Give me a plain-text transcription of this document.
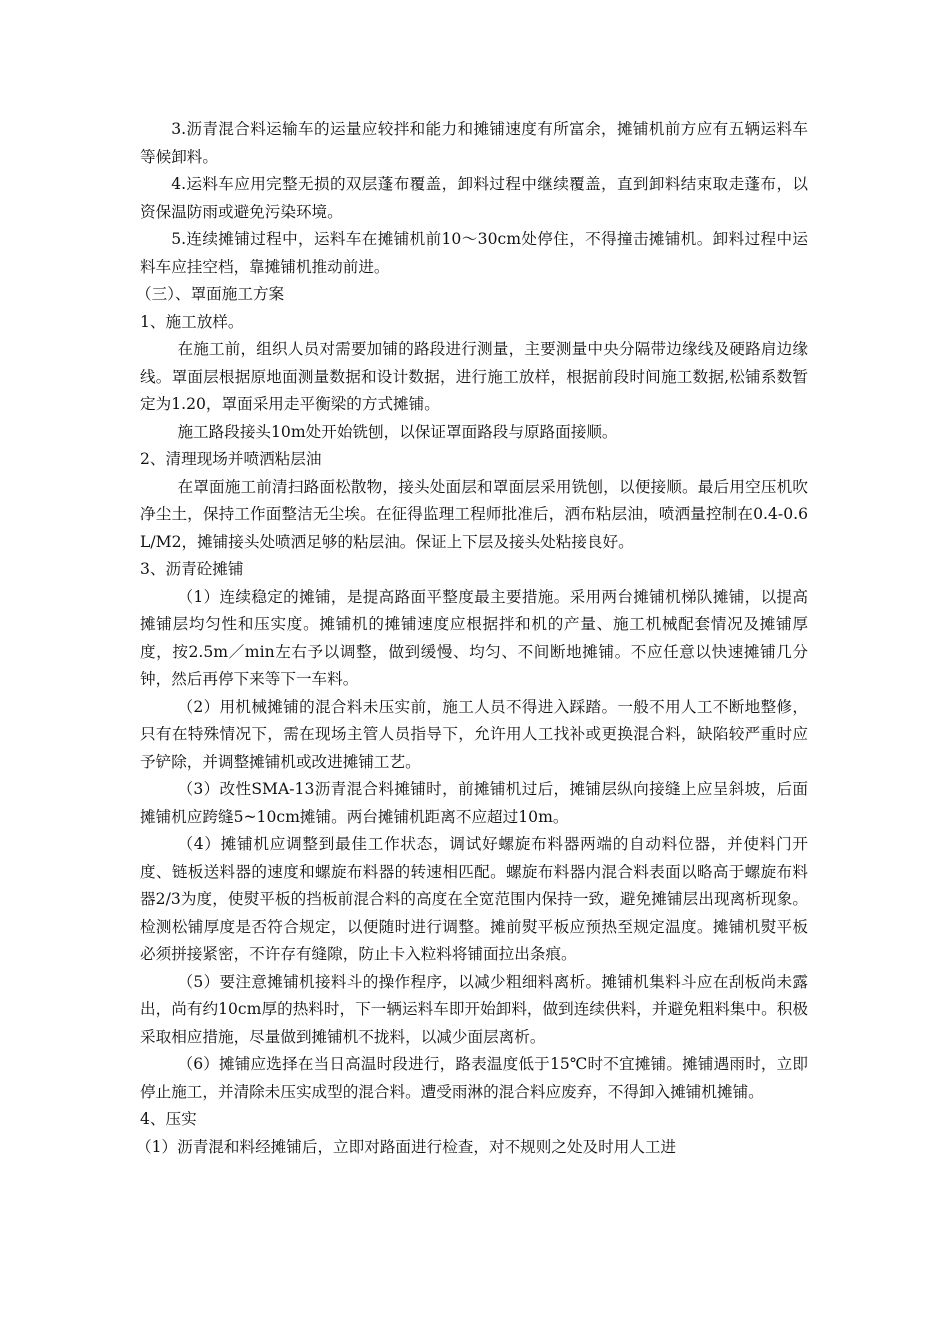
3.沥青混合料运输车的运量应较拌和能力和摊铺速度有所富余，摊铺机前方应有五辆运料车等候卸料。

4.运料车应用完整无损的双层蓬布覆盖，卸料过程中继续覆盖，直到卸料结束取走蓬布，以资保温防雨或避免污染环境。

5.连续摊铺过程中，运料车在摊铺机前10～30cm处停住，不得撞击摊铺机。卸料过程中运料车应挂空档，靠摊铺机推动前进。

（三）、罩面施工方案

1、施工放样。

在施工前，组织人员对需要加铺的路段进行测量，主要测量中央分隔带边缘线及硬路肩边缘线。罩面层根据原地面测量数据和设计数据，进行施工放样，根据前段时间施工数据,松铺系数暂定为1.20，罩面采用走平衡梁的方式摊铺。

施工路段接头10m处开始铣刨，以保证罩面路段与原路面接顺。

2、清理现场并喷洒粘层油

在罩面施工前清扫路面松散物，接头处面层和罩面层采用铣刨，以便接顺。最后用空压机吹净尘土，保持工作面整洁无尘埃。在征得监理工程师批准后，洒布粘层油，喷洒量控制在0.4-0.6L/M2，摊铺接头处喷洒足够的粘层油。保证上下层及接头处粘接良好。

3、沥青砼摊铺

（1）连续稳定的摊铺，是提高路面平整度最主要措施。采用两台摊铺机梯队摊铺，以提高摊铺层均匀性和压实度。摊铺机的摊铺速度应根据拌和机的产量、施工机械配套情况及摊铺厚度，按2.5m／min左右予以调整，做到缓慢、均匀、不间断地摊铺。不应任意以快速摊铺几分钟，然后再停下来等下一车料。

（2）用机械摊铺的混合料未压实前，施工人员不得进入踩踏。一般不用人工不断地整修，只有在特殊情况下，需在现场主管人员指导下，允许用人工找补或更换混合料，缺陷较严重时应予铲除，并调整摊铺机或改进摊铺工艺。

（3）改性SMA-13沥青混合料摊铺时，前摊铺机过后，摊铺层纵向接缝上应呈斜坡，后面摊铺机应跨缝5~10cm摊铺。两台摊铺机距离不应超过10m。

（4）摊铺机应调整到最佳工作状态，调试好螺旋布料器两端的自动料位器，并使料门开度、链板送料器的速度和螺旋布料器的转速相匹配。螺旋布料器内混合料表面以略高于螺旋布料器2/3为度，使熨平板的挡板前混合料的高度在全宽范围内保持一致，避免摊铺层出现离析现象。检测松铺厚度是否符合规定，以便随时进行调整。摊前熨平板应预热至规定温度。摊铺机熨平板必须拼接紧密，不许存有缝隙，防止卡入粒料将铺面拉出条痕。

（5）要注意摊铺机接料斗的操作程序，以减少粗细料离析。摊铺机集料斗应在刮板尚未露出，尚有约10cm厚的热料时，下一辆运料车即开始卸料，做到连续供料，并避免粗料集中。积极采取相应措施，尽量做到摊铺机不拢料，以减少面层离析。

（6）摊铺应选择在当日高温时段进行，路表温度低于15℃时不宜摊铺。摊铺遇雨时，立即停止施工，并清除未压实成型的混合料。遭受雨淋的混合料应废弃，不得卸入摊铺机摊铺。

4、压实

（1）沥青混和料经摊铺后，立即对路面进行检查，对不规则之处及时用人工进
